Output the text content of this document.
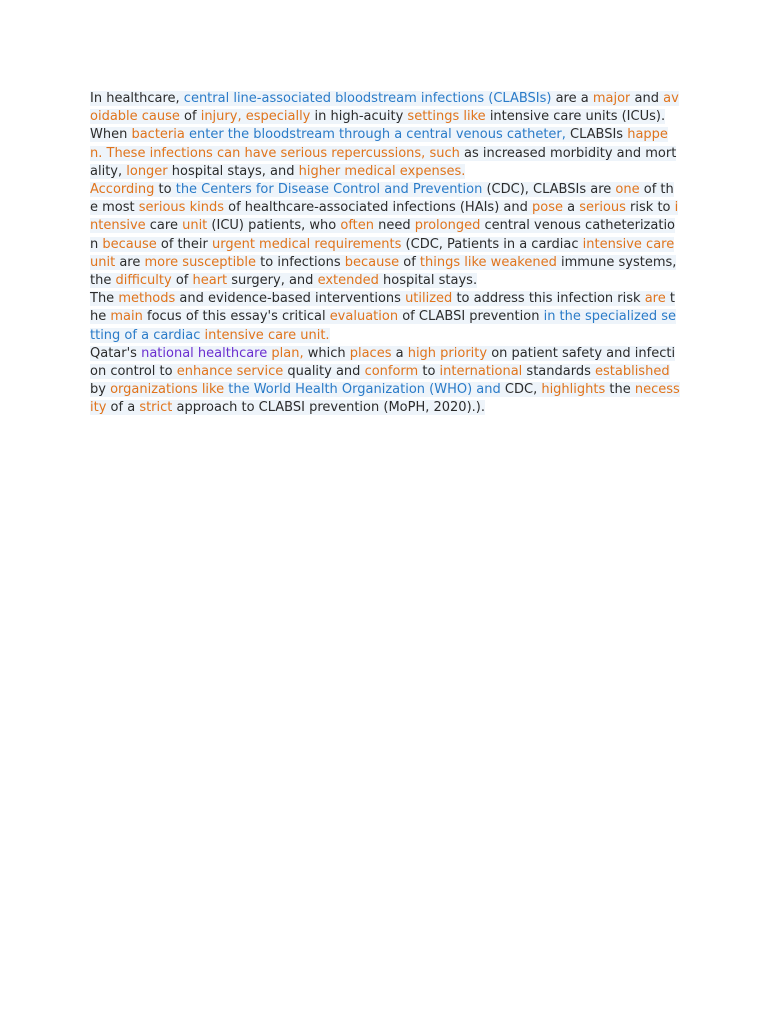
In healthcare, central line-associated bloodstream infections (CLABSIs) are a major and avoidable cause of injury, especially in high-acuity settings like intensive care units (ICUs).

When bacteria enter the bloodstream through a central venous catheter, CLABSIs happen. These infections can have serious repercussions, such as increased morbidity and mortality, longer hospital stays, and higher medical expenses.

According to the Centers for Disease Control and Prevention (CDC), CLABSIs are one of the most serious kinds of healthcare-associated infections (HAIs) and pose a serious risk to intensive care unit (ICU) patients, who often need prolonged central venous catheterization because of their urgent medical requirements (CDC, Patients in a cardiac intensive care unit are more susceptible to infections because of things like weakened immune systems, the difficulty of heart surgery, and extended hospital stays.

The methods and evidence-based interventions utilized to address this infection risk are the main focus of this essay's critical evaluation of CLABSI prevention in the specialized setting of a cardiac intensive care unit.

Qatar's national healthcare plan, which places a high priority on patient safety and infection control to enhance service quality and conform to international standards established by organizations like the World Health Organization (WHO) and CDC, highlights the necessity of a strict approach to CLABSI prevention (MoPH, 2020).).
